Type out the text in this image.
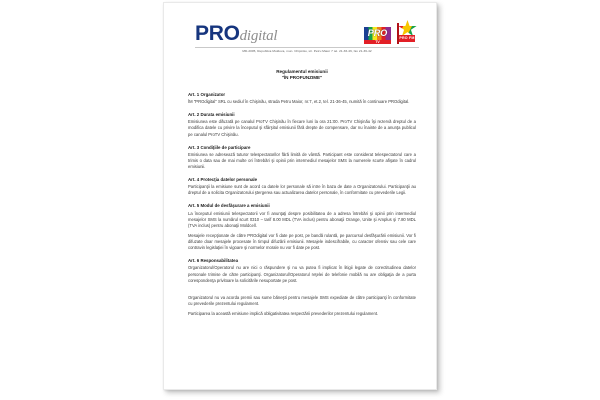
PROdigital	PRO
TV
PRO FM
MD-2005, Republica Moldova, mun. Chişinău, str. Petru Maior 7 tel. 21-36-46, fax 21-36-42
Regulamentul emisiunii
"ÎN PROFUNZIME"
Art. 1 Organizator

ÎM "PROdigital" SRL cu sediul în Chişinău, strada Petru Maior, nr.7, et.2, tel. 21-36-45, numită în continuare PROdigital.

Art. 2 Durata emisiunii

Emisiunea este difuzată pe canalul ProTV Chişinău în fiecare luni la ora 21:00. ProTV Chişinău îşi rezervă dreptul de a modifica datele cu privire la începutul şi sfârşitul emisiunii fără drepte de compensare, dar nu înainte de a anunţa publicul pe canalul ProTV Chişinău.

Art. 3 Condiţiile de participare

Emisiunea se adresează tuturor telespectatorilor fără limită de vârstă. Participant este considerat telespectatorul care a trimis o data sau de mai multe ori întrebări şi opinii prin intermediul mesajelor SMS la numerele scurte afişate în cadrul emisiunii.

Art. 4 Protecţia datelor personale

Participanţii la emisiune sunt de acord ca datele lor personale să intre în baza de date a Organizatorului. Participanţii au dreptul de a solicita Organizatorului ştergerea sau actualizarea datelor personale, în conformitate cu prevederile Legii.

Art. 5 Modul de desfăşurare a emisiunii

La începutul emisiunii telespectatorii vor fi anunţaţi despre posibilitatea de a adresa întrebări şi opinii prin intermediul mesajelor SMS la numărul scurt 0310 – tarif 8.00 MDL (TVA inclus) pentru abonaţii Orange, Unite şi Amplus şi 7.80 MDL (TVA inclus) pentru abonaţii Moldcell.

Mesajele recepţionate de către PROdigital vor fi date pe post, pe bandă rulantă, pe parcursul desfăşurării emisiunii. Vor fi difuzate doar mesajele procesate în timpul difuzării emisiunii. Mesajele indescifrabile, cu caracter ofensiv sau cele care contravin legislaţiei în vigoare şi normelor morale nu vor fi date pe post.

Art. 6 Responsabilitatea

Organizatorul/Operatorul nu are nici o răspundere şi nu va putea fi implicat în litigii legate de corectitudinea datelor personale trimise de către participanţi. Organizatorul/Operatorul reţelei de telefonie mobilă nu are obligaţia de a purta corespondenţa privitoare la solicitările nesuportate pe post.

Organizatorul nu va acorda premii sau sume băneşti pentru mesajele SMS expediate de către participanţi în conformitate cu prevederile prezentului regulament.

Participarea la această emisiune implică obligativitatea respectării prevederilor prezentului regulament.
